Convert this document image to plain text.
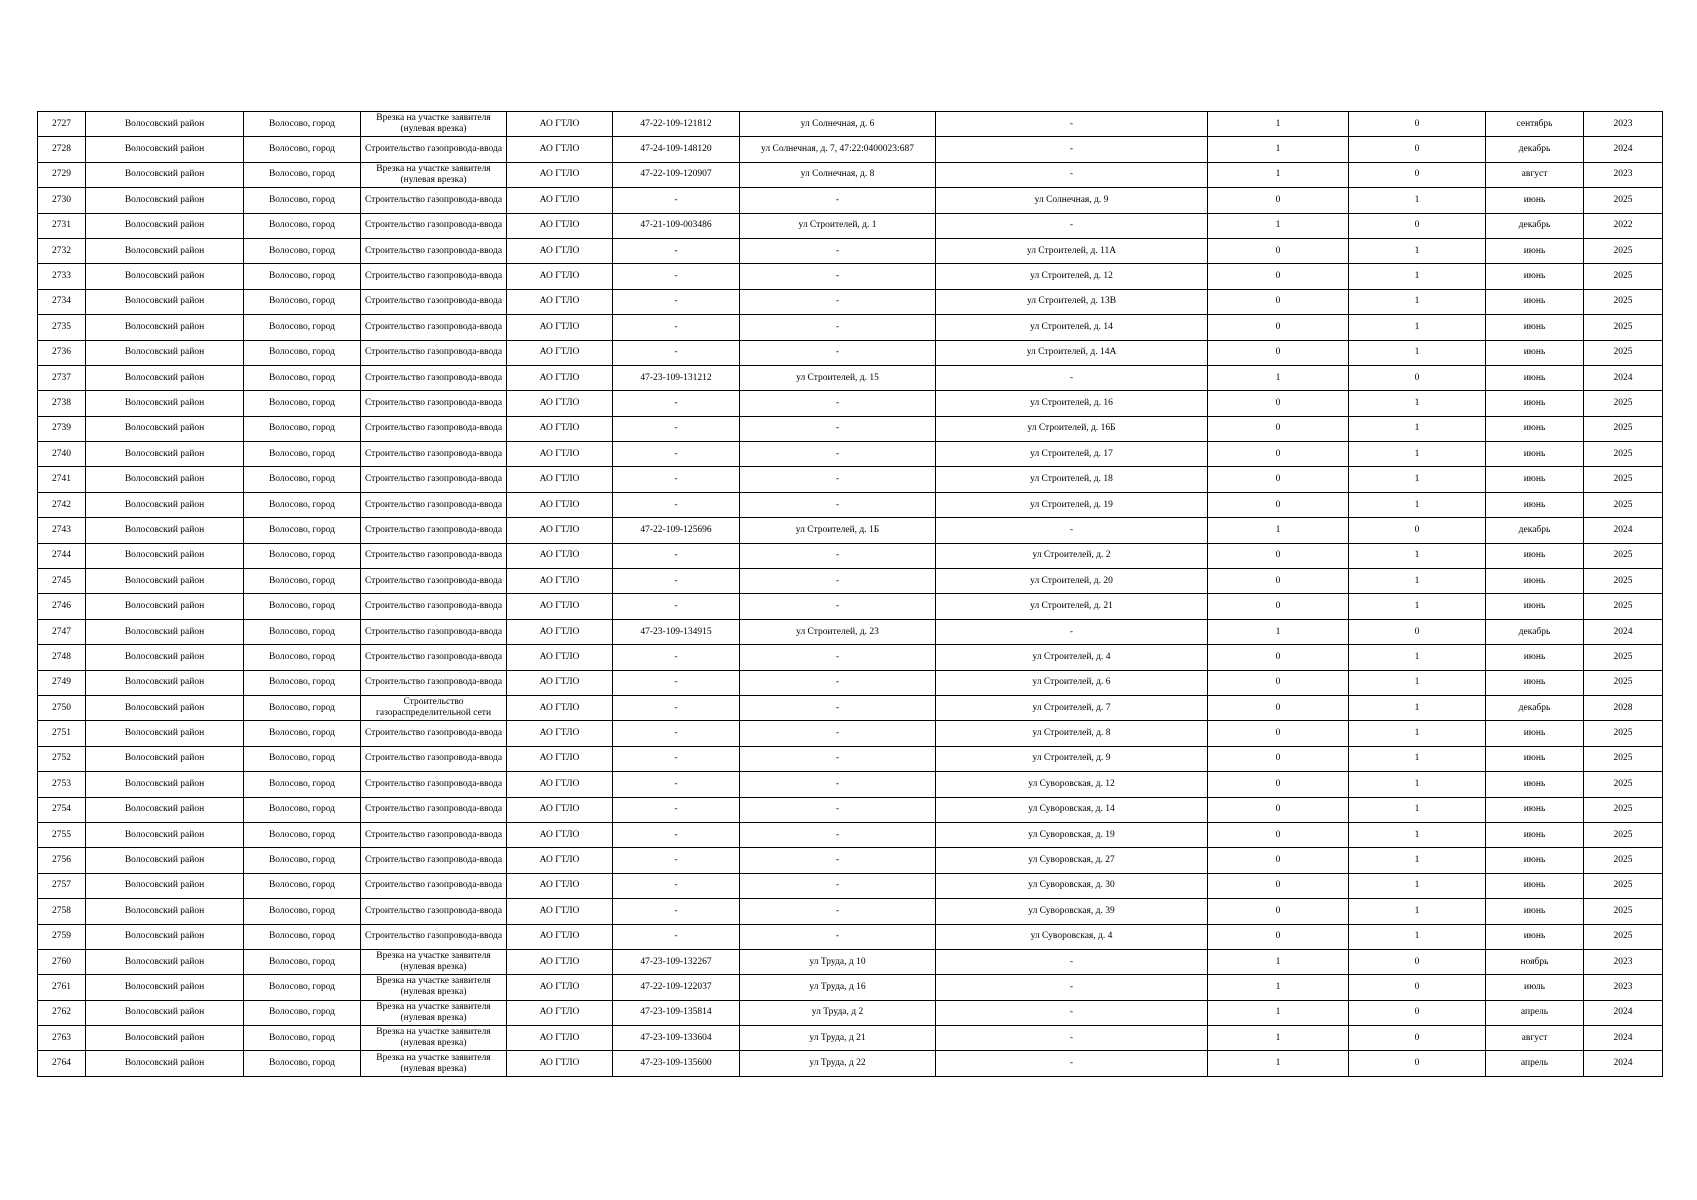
2727	Волосовский район	Волосово, город	Врезка на участке заявителя (нулевая врезка)	АО ГТЛО	47-22-109-121812	ул Солнечная, д. 6	-	1	0	сентябрь	2023
2728	Волосовский район	Волосово, город	Строительство газопровода-ввода	АО ГТЛО	47-24-109-148120	ул Солнечная, д. 7, 47:22:0400023:687	-	1	0	декабрь	2024
2729	Волосовский район	Волосово, город	Врезка на участке заявителя (нулевая врезка)	АО ГТЛО	47-22-109-120907	ул Солнечная, д. 8	-	1	0	август	2023
2730	Волосовский район	Волосово, город	Строительство газопровода-ввода	АО ГТЛО	-	-	ул Солнечная, д. 9	0	1	июнь	2025
2731	Волосовский район	Волосово, город	Строительство газопровода-ввода	АО ГТЛО	47-21-109-003486	ул Строителей, д. 1	-	1	0	декабрь	2022
2732	Волосовский район	Волосово, город	Строительство газопровода-ввода	АО ГТЛО	-	-	ул Строителей, д. 11А	0	1	июнь	2025
2733	Волосовский район	Волосово, город	Строительство газопровода-ввода	АО ГТЛО	-	-	ул Строителей, д. 12	0	1	июнь	2025
2734	Волосовский район	Волосово, город	Строительство газопровода-ввода	АО ГТЛО	-	-	ул Строителей, д. 13В	0	1	июнь	2025
2735	Волосовский район	Волосово, город	Строительство газопровода-ввода	АО ГТЛО	-	-	ул Строителей, д. 14	0	1	июнь	2025
2736	Волосовский район	Волосово, город	Строительство газопровода-ввода	АО ГТЛО	-	-	ул Строителей, д. 14А	0	1	июнь	2025
2737	Волосовский район	Волосово, город	Строительство газопровода-ввода	АО ГТЛО	47-23-109-131212	ул Строителей, д. 15	-	1	0	июнь	2024
2738	Волосовский район	Волосово, город	Строительство газопровода-ввода	АО ГТЛО	-	-	ул Строителей, д. 16	0	1	июнь	2025
2739	Волосовский район	Волосово, город	Строительство газопровода-ввода	АО ГТЛО	-	-	ул Строителей, д. 16Б	0	1	июнь	2025
2740	Волосовский район	Волосово, город	Строительство газопровода-ввода	АО ГТЛО	-	-	ул Строителей, д. 17	0	1	июнь	2025
2741	Волосовский район	Волосово, город	Строительство газопровода-ввода	АО ГТЛО	-	-	ул Строителей, д. 18	0	1	июнь	2025
2742	Волосовский район	Волосово, город	Строительство газопровода-ввода	АО ГТЛО	-	-	ул Строителей, д. 19	0	1	июнь	2025
2743	Волосовский район	Волосово, город	Строительство газопровода-ввода	АО ГТЛО	47-22-109-125696	ул Строителей, д. 1Б	-	1	0	декабрь	2024
2744	Волосовский район	Волосово, город	Строительство газопровода-ввода	АО ГТЛО	-	-	ул Строителей, д. 2	0	1	июнь	2025
2745	Волосовский район	Волосово, город	Строительство газопровода-ввода	АО ГТЛО	-	-	ул Строителей, д. 20	0	1	июнь	2025
2746	Волосовский район	Волосово, город	Строительство газопровода-ввода	АО ГТЛО	-	-	ул Строителей, д. 21	0	1	июнь	2025
2747	Волосовский район	Волосово, город	Строительство газопровода-ввода	АО ГТЛО	47-23-109-134915	ул Строителей, д. 23	-	1	0	декабрь	2024
2748	Волосовский район	Волосово, город	Строительство газопровода-ввода	АО ГТЛО	-	-	ул Строителей, д. 4	0	1	июнь	2025
2749	Волосовский район	Волосово, город	Строительство газопровода-ввода	АО ГТЛО	-	-	ул Строителей, д. 6	0	1	июнь	2025
2750	Волосовский район	Волосово, город	Строительство газораспределительной сети	АО ГТЛО	-	-	ул Строителей, д. 7	0	1	декабрь	2028
2751	Волосовский район	Волосово, город	Строительство газопровода-ввода	АО ГТЛО	-	-	ул Строителей, д. 8	0	1	июнь	2025
2752	Волосовский район	Волосово, город	Строительство газопровода-ввода	АО ГТЛО	-	-	ул Строителей, д. 9	0	1	июнь	2025
2753	Волосовский район	Волосово, город	Строительство газопровода-ввода	АО ГТЛО	-	-	ул Суворовская, д. 12	0	1	июнь	2025
2754	Волосовский район	Волосово, город	Строительство газопровода-ввода	АО ГТЛО	-	-	ул Суворовская, д. 14	0	1	июнь	2025
2755	Волосовский район	Волосово, город	Строительство газопровода-ввода	АО ГТЛО	-	-	ул Суворовская, д. 19	0	1	июнь	2025
2756	Волосовский район	Волосово, город	Строительство газопровода-ввода	АО ГТЛО	-	-	ул Суворовская, д. 27	0	1	июнь	2025
2757	Волосовский район	Волосово, город	Строительство газопровода-ввода	АО ГТЛО	-	-	ул Суворовская, д. 30	0	1	июнь	2025
2758	Волосовский район	Волосово, город	Строительство газопровода-ввода	АО ГТЛО	-	-	ул Суворовская, д. 39	0	1	июнь	2025
2759	Волосовский район	Волосово, город	Строительство газопровода-ввода	АО ГТЛО	-	-	ул Суворовская, д. 4	0	1	июнь	2025
2760	Волосовский район	Волосово, город	Врезка на участке заявителя (нулевая врезка)	АО ГТЛО	47-23-109-132267	ул Труда, д 10	-	1	0	ноябрь	2023
2761	Волосовский район	Волосово, город	Врезка на участке заявителя (нулевая врезка)	АО ГТЛО	47-22-109-122037	ул Труда, д 16	-	1	0	июль	2023
2762	Волосовский район	Волосово, город	Врезка на участке заявителя (нулевая врезка)	АО ГТЛО	47-23-109-135814	ул Труда, д 2	-	1	0	апрель	2024
2763	Волосовский район	Волосово, город	Врезка на участке заявителя (нулевая врезка)	АО ГТЛО	47-23-109-133604	ул Труда, д 21	-	1	0	август	2024
2764	Волосовский район	Волосово, город	Врезка на участке заявителя (нулевая врезка)	АО ГТЛО	47-23-109-135600	ул Труда, д 22	-	1	0	апрель	2024
